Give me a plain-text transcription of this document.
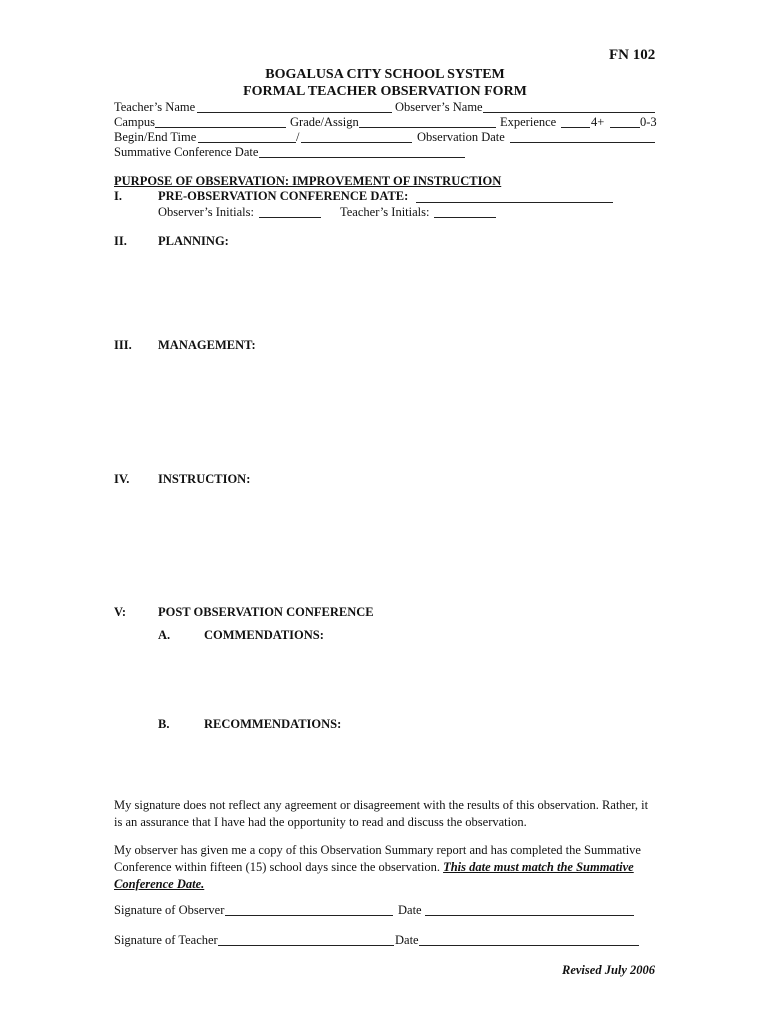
FN 102
BOGALUSA CITY SCHOOL SYSTEM
FORMAL TEACHER OBSERVATION FORM
Teacher’s Name	Observer’s Name
Campus	Grade/Assign	Experience	4+	0-3
Begin/End Time	/	Observation Date
Summative Conference Date
PURPOSE OF OBSERVATION: IMPROVEMENT OF INSTRUCTION
I.	PRE-OBSERVATION CONFERENCE DATE:
Observer’s Initials:	Teacher’s Initials:
II. PLANNING:
III. MANAGEMENT:
IV. INSTRUCTION:
V:	POST OBSERVATION CONFERENCE
A.	COMMENDATIONS:
B.	RECOMMENDATIONS:
My signature does not reflect any agreement or disagreement with the results of this observation. Rather, it is an assurance that I have had the opportunity to read and discuss the observation.
My observer has given me a copy of this Observation Summary report and has completed the Summative Conference within fifteen (15) school days since the observation. This date must match the Summative Conference Date.
Signature of Observer	Date
Signature of Teacher	Date
Revised July 2006
